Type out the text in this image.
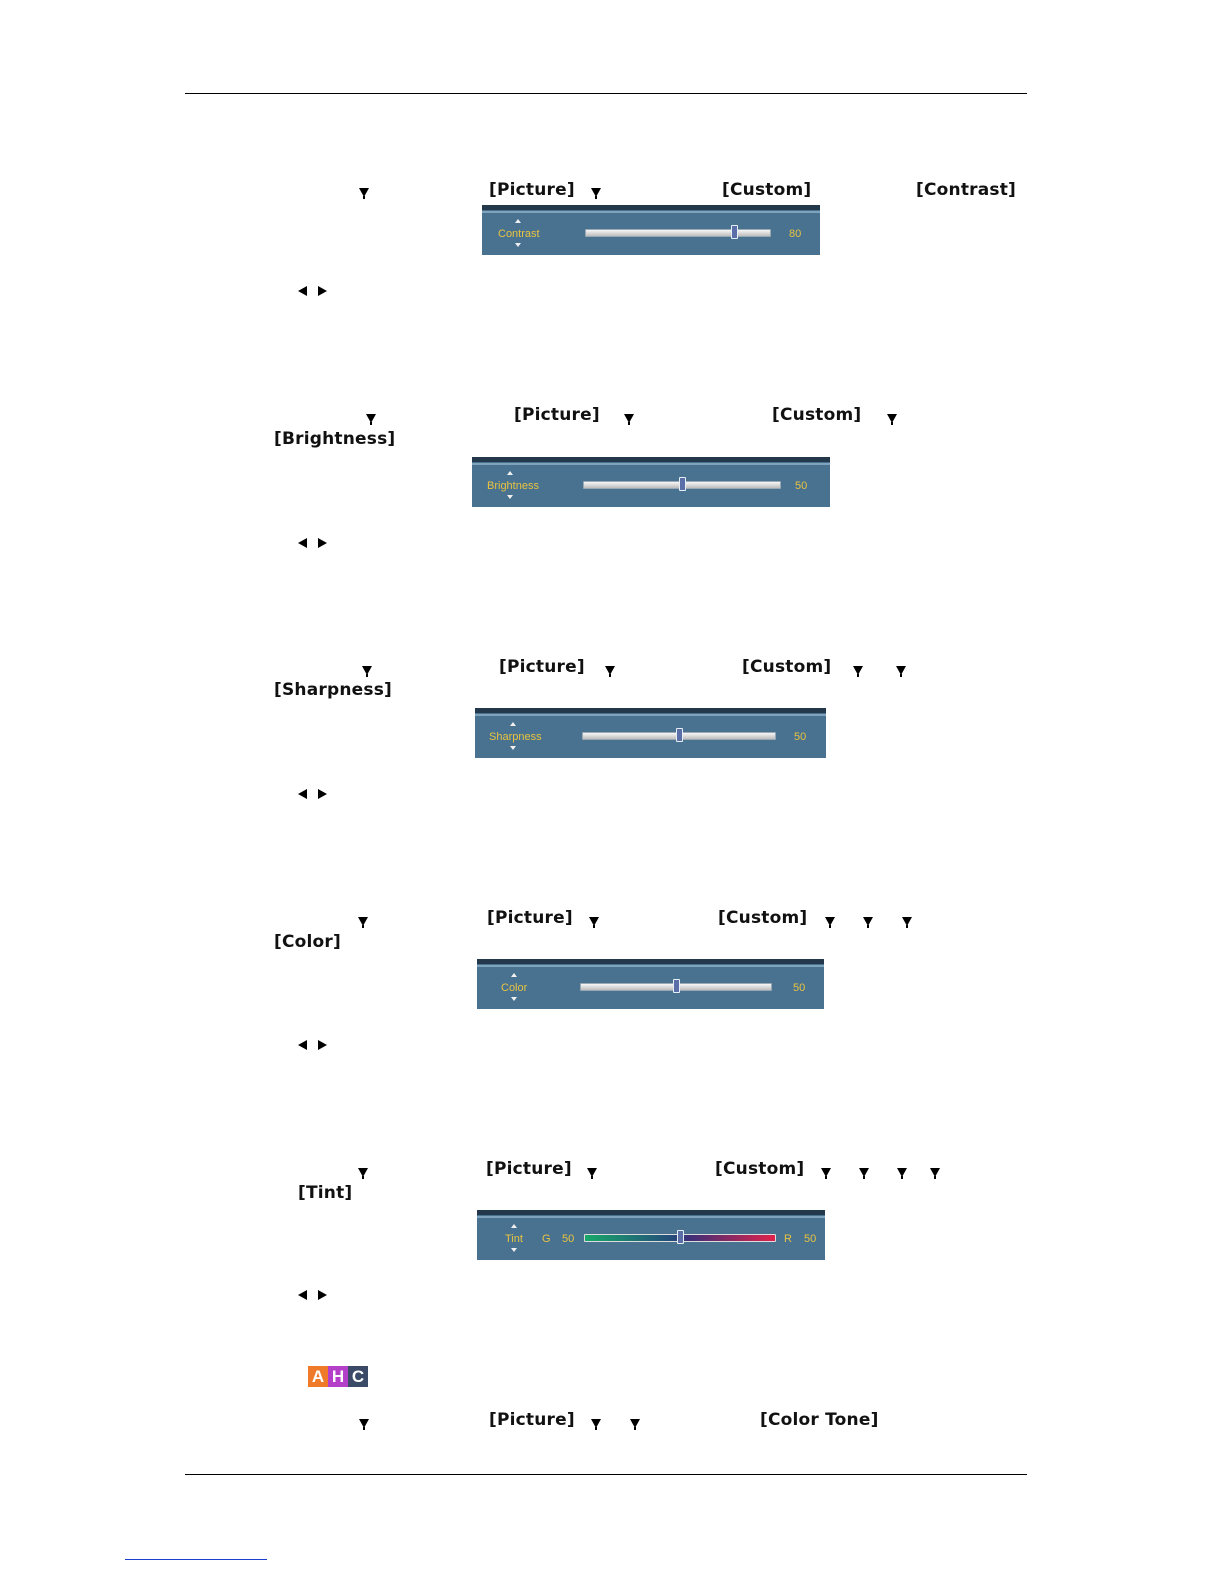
[Picture]	[Custom]	[Contrast]
Contrast	80
[Picture]	[Custom]
[Brightness]
Brightness	50
[Picture]	[Custom]
[Sharpness]
Sharpness	50
[Picture]	[Custom]
[Color]
Color	50
[Picture]	[Custom]
[Tint]
Tint G 50	R 50
A H C
[Picture]	[Color Tone]
